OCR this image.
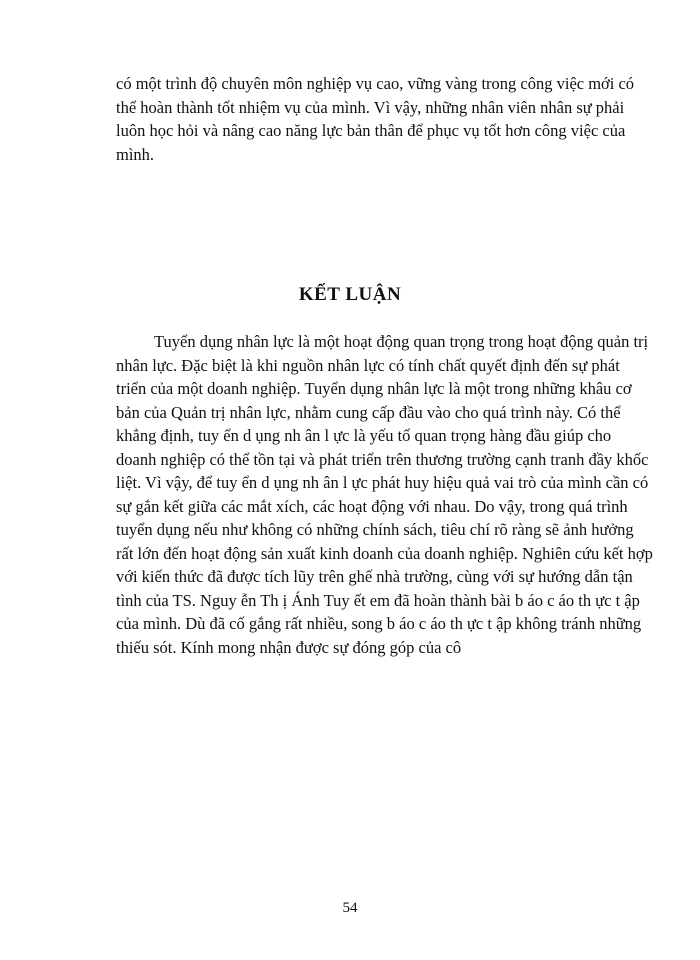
có một trình độ chuyên môn nghiệp vụ cao, vững vàng trong công việc mới có
thể hoàn thành tốt nhiệm vụ của mình. Vì vậy, những nhân viên nhân sự phải
luôn học hỏi và nâng cao năng lực bản thân để phục vụ tốt hơn công việc của
mình.
KẾT LUẬN
Tuyển dụng nhân lực là một hoạt động quan trọng trong hoạt động quản trị
nhân lực. Đặc biệt là khi nguồn nhân lực có tính chất quyết định đến sự phát
triển của một doanh nghiệp. Tuyển dụng nhân lực là một trong những khâu cơ
bản của Quản trị nhân lực, nhằm cung cấp đầu vào cho quá trình này. Có thể
khẳng định, tuy ển d ụng nh ân l ực là yếu tố quan trọng hàng đầu giúp cho
doanh nghiệp có thể tồn tại và phát triển trên thương trường cạnh tranh đầy khốc
liệt. Vì vậy, để tuy ển d ụng nh ân l ực phát huy hiệu quả vai trò của mình cần có
sự gắn kết giữa các mắt xích, các hoạt động với nhau. Do vậy, trong quá trình
tuyển dụng nếu như không có những chính sách, tiêu chí rõ ràng sẽ ảnh hưởng
rất lớn đến hoạt động sản xuất kinh doanh của doanh nghiệp. Nghiên cứu kết hợp
với kiến thức đã được tích lũy trên ghế nhà trường, cùng với sự hướng dẫn tận
tình của TS. Nguy ễn Th ị Ánh Tuy ết em đã hoàn thành bài b áo c áo th ực t ập
của mình. Dù đã cố gắng rất nhiều, song b áo c áo th ực t ập không tránh những
thiếu sót. Kính mong nhận được sự đóng góp của cô
54
